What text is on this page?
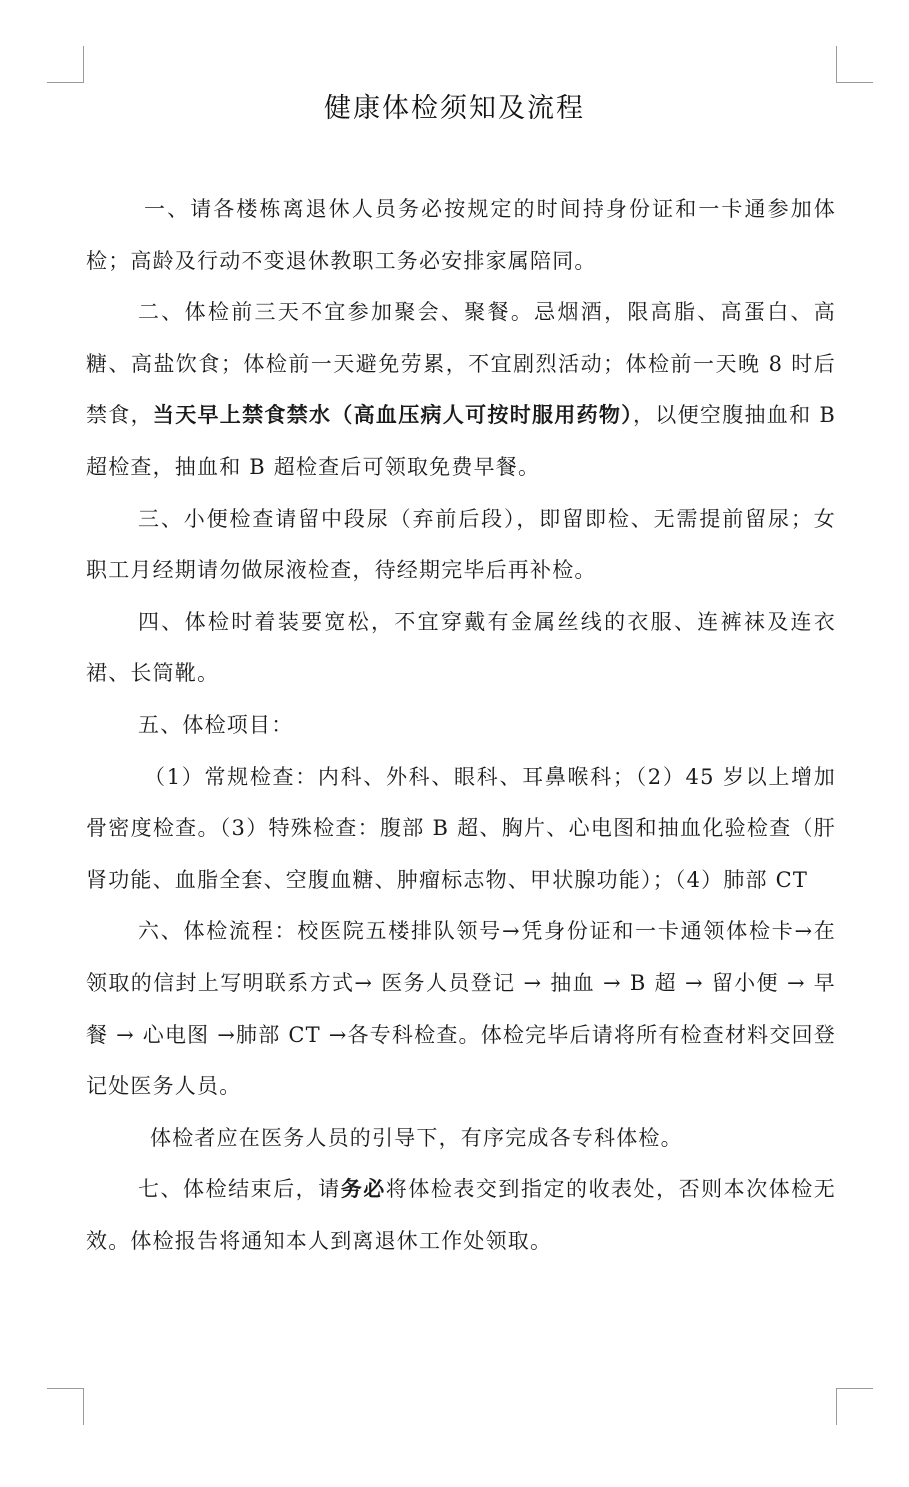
健康体检须知及流程

一、请各楼栋离退休人员务必按规定的时间持身份证和一卡通参加体检；高龄及行动不变退休教职工务必安排家属陪同。

二、体检前三天不宜参加聚会、聚餐。忌烟酒，限高脂、高蛋白、高糖、高盐饮食；体检前一天避免劳累，不宜剧烈活动；体检前一天晚 8 时后禁食，当天早上禁食禁水（高血压病人可按时服用药物），以便空腹抽血和 B 超检查，抽血和 B 超检查后可领取免费早餐。

三、小便检查请留中段尿（弃前后段），即留即检、无需提前留尿；女职工月经期请勿做尿液检查，待经期完毕后再补检。

四、体检时着装要宽松，不宜穿戴有金属丝线的衣服、连裤袜及连衣裙、长筒靴。

五、体检项目：

（1）常规检查：内科、外科、眼科、耳鼻喉科；（2）45 岁以上增加骨密度检查。（3）特殊检查：腹部 B 超、胸片、心电图和抽血化验检查（肝肾功能、血脂全套、空腹血糖、肿瘤标志物、甲状腺功能）；（4）肺部 CT

六、体检流程：校医院五楼排队领号→凭身份证和一卡通领体检卡→在领取的信封上写明联系方式→ 医务人员登记 → 抽血 → B 超 → 留小便 → 早餐 → 心电图 →肺部 CT →各专科检查。体检完毕后请将所有检查材料交回登记处医务人员。

体检者应在医务人员的引导下，有序完成各专科体检。

七、体检结束后，请务必将体检表交到指定的收表处，否则本次体检无效。体检报告将通知本人到离退休工作处领取。
